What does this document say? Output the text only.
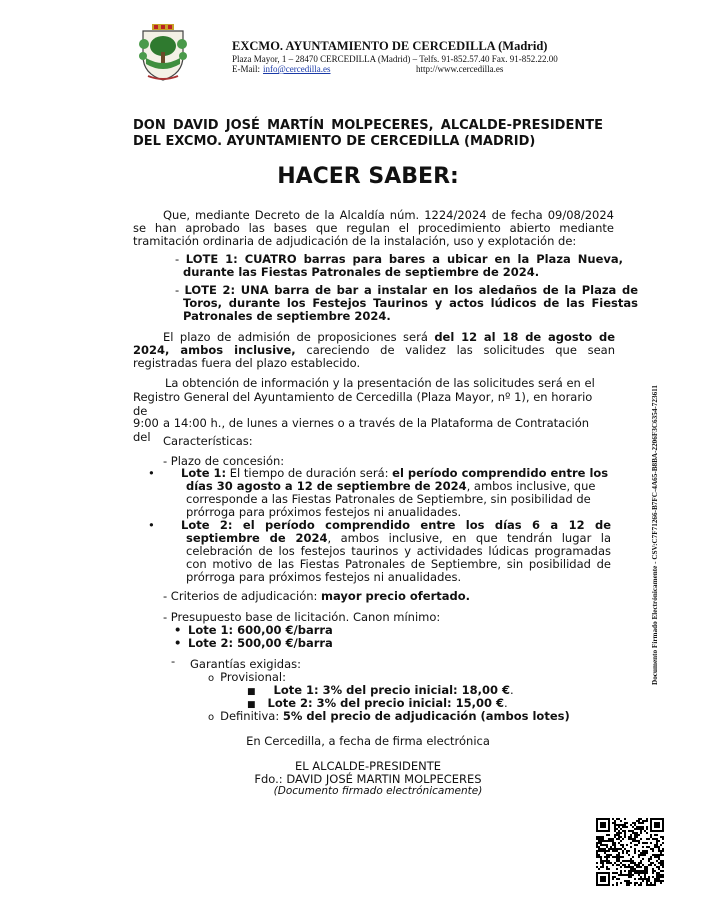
EXCMO. AYUNTAMIENTO DE CERCEDILLA (Madrid)
Plaza Mayor, 1 – 28470 CERCEDILLA (Madrid) – Telfs. 91-852.57.40 Fax. 91-852.22.00
E-Mail: info@cercedilla.es	http://www.cercedilla.es
DON DAVID JOSÉ MARTÍN MOLPECERES, ALCALDE-PRESIDENTE DEL EXCMO. AYUNTAMIENTO DE CERCEDILLA (MADRID)
HACER SABER:

Que, mediante Decreto de la Alcaldía núm. 1224/2024 de fecha 09/08/2024 se han aprobado las bases que regulan el procedimiento abierto mediante tramitación ordinaria de adjudicación de la instalación, uso y explotación de:

- LOTE 1: CUATRO barras para bares a ubicar en la Plaza Nueva, durante las Fiestas Patronales de septiembre de 2024.

- LOTE 2: UNA barra de bar a instalar en los aledaños de la Plaza de Toros, durante los Festejos Taurinos y actos lúdicos de las Fiestas Patronales de septiembre 2024.

El plazo de admisión de proposiciones será del 12 al 18 de agosto de 2024, ambos inclusive, careciendo de validez las solicitudes que sean registradas fuera del plazo establecido.

La obtención de información y la presentación de las solicitudes será en el
Registro General del Ayuntamiento de Cercedilla (Plaza Mayor, nº 1), en horario
de
9:00 a 14:00 h., de lunes a viernes o a través de la Plataforma de Contratación
del Características:
- Plazo de concesión:

• Lote 1: El tiempo de duración será: el período comprendido entre los días 30 agosto a 12 de septiembre de 2024, ambos inclusive, que corresponde a las Fiestas Patronales de Septiembre, sin posibilidad de prórroga para próximos festejos ni anualidades.

• Lote 2: el período comprendido entre los días 6 a 12 de septiembre de 2024, ambos inclusive, en que tendrán lugar la celebración de los festejos taurinos y actividades lúdicas programadas con motivo de las Fiestas Patronales de Septiembre, sin posibilidad de prórroga para próximos festejos ni anualidades.

- Criterios de adjudicación: mayor precio ofertado.
- Presupuesto base de licitación. Canon mínimo:
• Lote 1: 600,00 €/barra
• Lote 2: 500,00 €/barra
- Garantías exigidas:
o Provisional:
■ Lote 1: 3% del precio inicial: 18,00 €.
■ Lote 2: 3% del precio inicial: 15,00 €.
o Definitiva: 5% del precio de adjudicación (ambos lotes)
En Cercedilla, a fecha de firma electrónica
EL ALCALDE-PRESIDENTE
Fdo.: DAVID JOSÉ MARTIN MOLPECERES
(Documento firmado electrónicamente)
Documento Firmado Electrónicamente - CSV:C7F71266-B7FC-4A65-B8BA-2206F3C6354-723611
